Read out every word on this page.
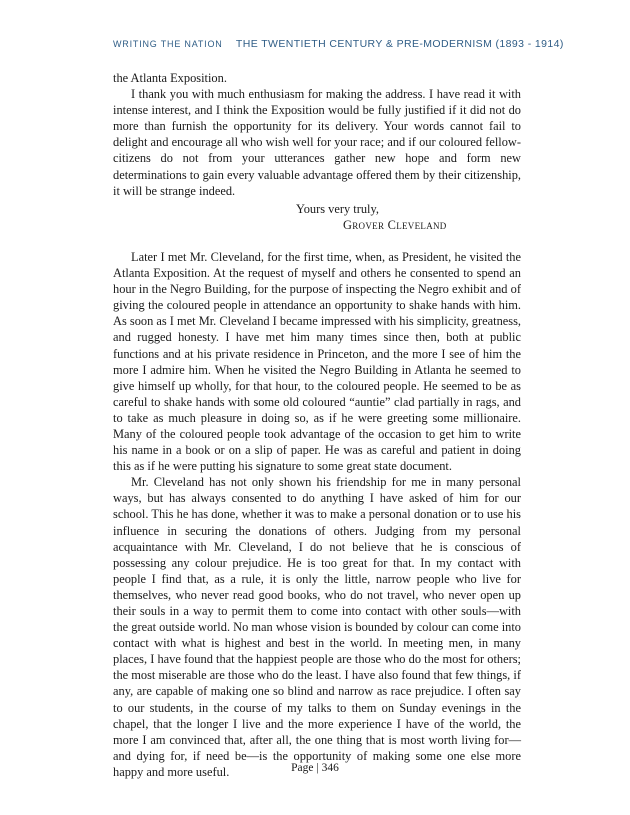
WRITING THE NATION THE TWENTIETH CENTURY & PRE-MODERNISM (1893 - 1914)

the Atlanta Exposition.

I thank you with much enthusiasm for making the address. I have read it with intense interest, and I think the Exposition would be fully justified if it did not do more than furnish the opportunity for its delivery. Your words cannot fail to delight and encourage all who wish well for your race; and if our coloured fellow-citizens do not from your utterances gather new hope and form new determinations to gain every valuable advantage offered them by their citizenship, it will be strange indeed.

Yours very truly,

Grover Cleveland

Later I met Mr. Cleveland, for the first time, when, as President, he visited the Atlanta Exposition. At the request of myself and others he consented to spend an hour in the Negro Building, for the purpose of inspecting the Negro exhibit and of giving the coloured people in attendance an opportunity to shake hands with him. As soon as I met Mr. Cleveland I became impressed with his simplicity, greatness, and rugged honesty. I have met him many times since then, both at public functions and at his private residence in Princeton, and the more I see of him the more I admire him. When he visited the Negro Building in Atlanta he seemed to give himself up wholly, for that hour, to the coloured people. He seemed to be as careful to shake hands with some old coloured “auntie” clad partially in rags, and to take as much pleasure in doing so, as if he were greeting some millionaire. Many of the coloured people took advantage of the occasion to get him to write his name in a book or on a slip of paper. He was as careful and patient in doing this as if he were putting his signature to some great state document.

Mr. Cleveland has not only shown his friendship for me in many personal ways, but has always consented to do anything I have asked of him for our school. This he has done, whether it was to make a personal donation or to use his influence in securing the donations of others. Judging from my personal acquaintance with Mr. Cleveland, I do not believe that he is conscious of possessing any colour prejudice. He is too great for that. In my contact with people I find that, as a rule, it is only the little, narrow people who live for themselves, who never read good books, who do not travel, who never open up their souls in a way to permit them to come into contact with other souls—with the great outside world. No man whose vision is bounded by colour can come into contact with what is highest and best in the world. In meeting men, in many places, I have found that the happiest people are those who do the most for others; the most miserable are those who do the least. I have also found that few things, if any, are capable of making one so blind and narrow as race prejudice. I often say to our students, in the course of my talks to them on Sunday evenings in the chapel, that the longer I live and the more experience I have of the world, the more I am convinced that, after all, the one thing that is most worth living for—and dying for, if need be—is the opportunity of making some one else more happy and more useful.	Page | 346
